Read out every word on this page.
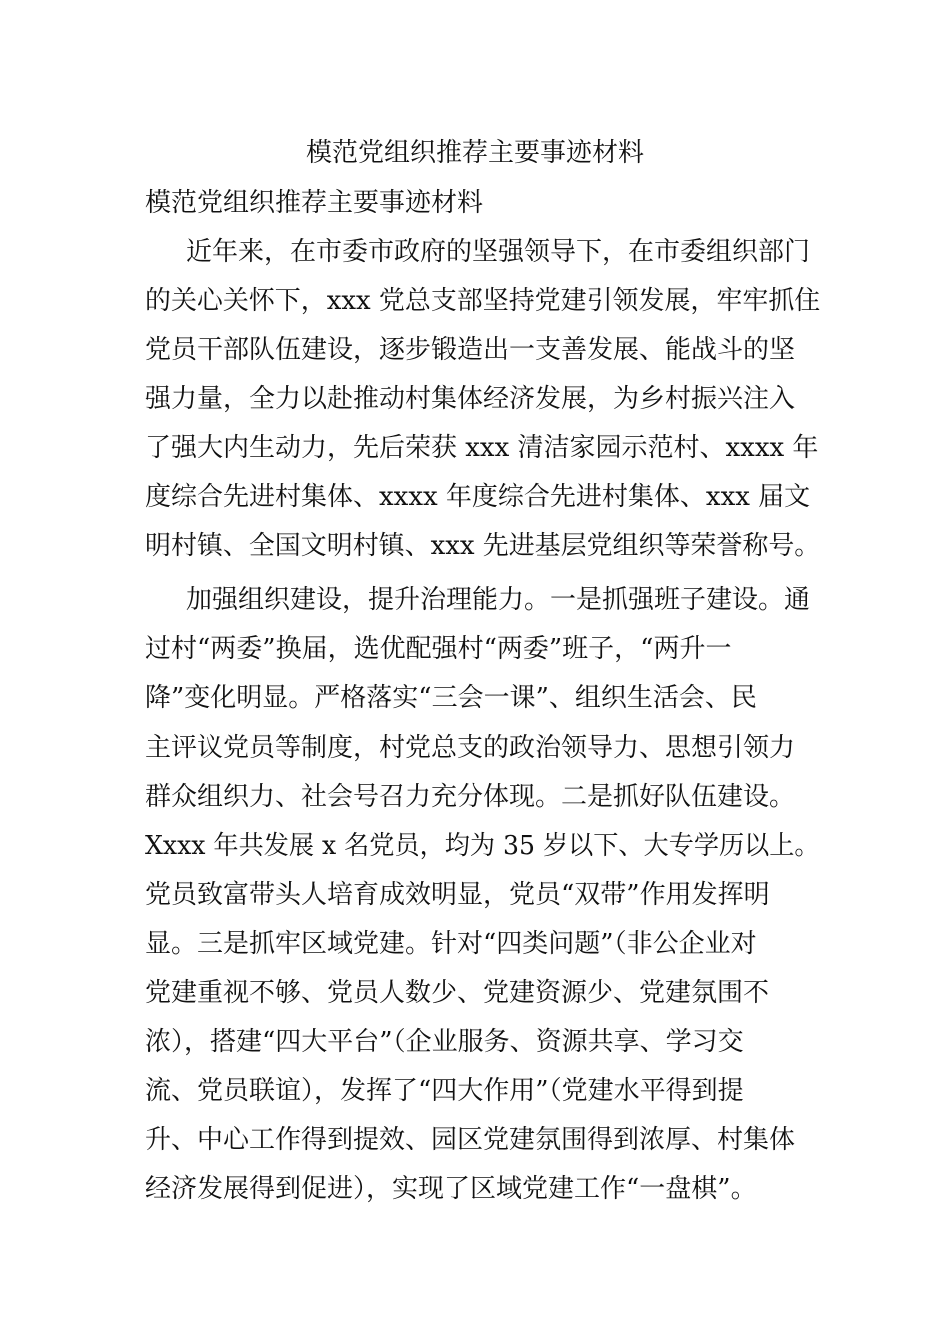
模范党组织推荐主要事迹材料
模范党组织推荐主要事迹材料
近年来，在市委市政府的坚强领导下，在市委组织部门
的关心关怀下，xxx 党总支部坚持党建引领发展，牢牢抓住
党员干部队伍建设，逐步锻造出一支善发展、能战斗的坚
强力量，全力以赴推动村集体经济发展，为乡村振兴注入
了强大内生动力，先后荣获 xxx 清洁家园示范村、xxxx 年
度综合先进村集体、xxxx 年度综合先进村集体、xxx 届文
明村镇、全国文明村镇、xxx 先进基层党组织等荣誉称号。
加强组织建设，提升治理能力。一是抓强班子建设。通
过村“两委”换届，选优配强村“两委”班子，“两升一
降”变化明显。严格落实“三会一课”、组织生活会、民
主评议党员等制度，村党总支的政治领导力、思想引领力
群众组织力、社会号召力充分体现。二是抓好队伍建设。
Xxxx 年共发展 x 名党员，均为 35 岁以下、大专学历以上。
党员致富带头人培育成效明显，党员“双带”作用发挥明
显。三是抓牢区域党建。针对“四类问题”（非公企业对
党建重视不够、党员人数少、党建资源少、党建氛围不
浓），搭建“四大平台”（企业服务、资源共享、学习交
流、党员联谊），发挥了“四大作用”（党建水平得到提
升、中心工作得到提效、园区党建氛围得到浓厚、村集体
经济发展得到促进），实现了区域党建工作“一盘棋”。
